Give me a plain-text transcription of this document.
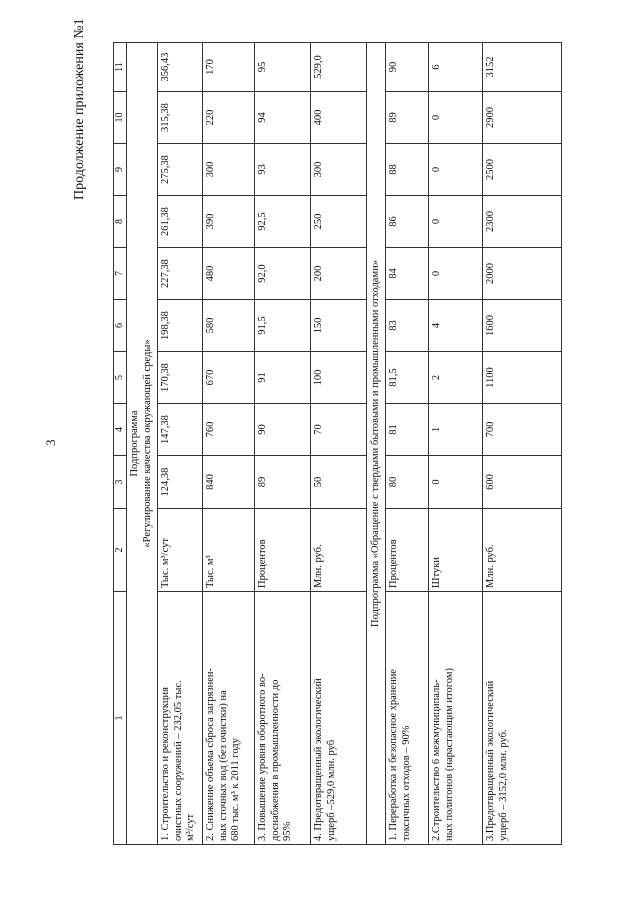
3
Продолжение приложения №1
1	2	3	4	5	6	7	8	9	10	11

Подпрограмма «Регулирование качества окружающей среды»										

1. Строительство и реконструкция
очистных сооружений – 232,05 тыс.
м³/сут	Тыс. м³/сут	124,38	147,38	170,38	198,38	227,38	261,38	275,38	315,38	356,43
2. Снижение объема сброса загрязнен-
ных сточных вод (без очистки) на
680 тыс. м³ к 2011 году	Тыс. м³	840	760	670	580	480	390	300	220	170
3. Повышение уровня оборотного во-
доснабжения в промышленности до
95%	Процентов	89	90	91	91,5	92,0	92,5	93	94	95
4. Предотвращенный экологический
ущерб –529,0 млн. руб	Млн. руб.	50	70	100	150	200	250	300	400	529,0
Подпрограмма «Обращение с твердыми бытовыми и промышленными отходами»										
1. Переработка и безопасное хранение
токсичных отходов – 90%	Процентов	80	81	81,5	83	84	86	88	89	90
2.Строительство 6 межмуниципаль-
ных полигонов (нарастающим итогом)	Штуки	0	1	2	4	0	0	0	0	6
3.Предотвращенный экологический
ущерб – 3152,0 млн. руб.	Млн. руб.	600	700	1100	1600	2000	2300	2500	2900	3152
